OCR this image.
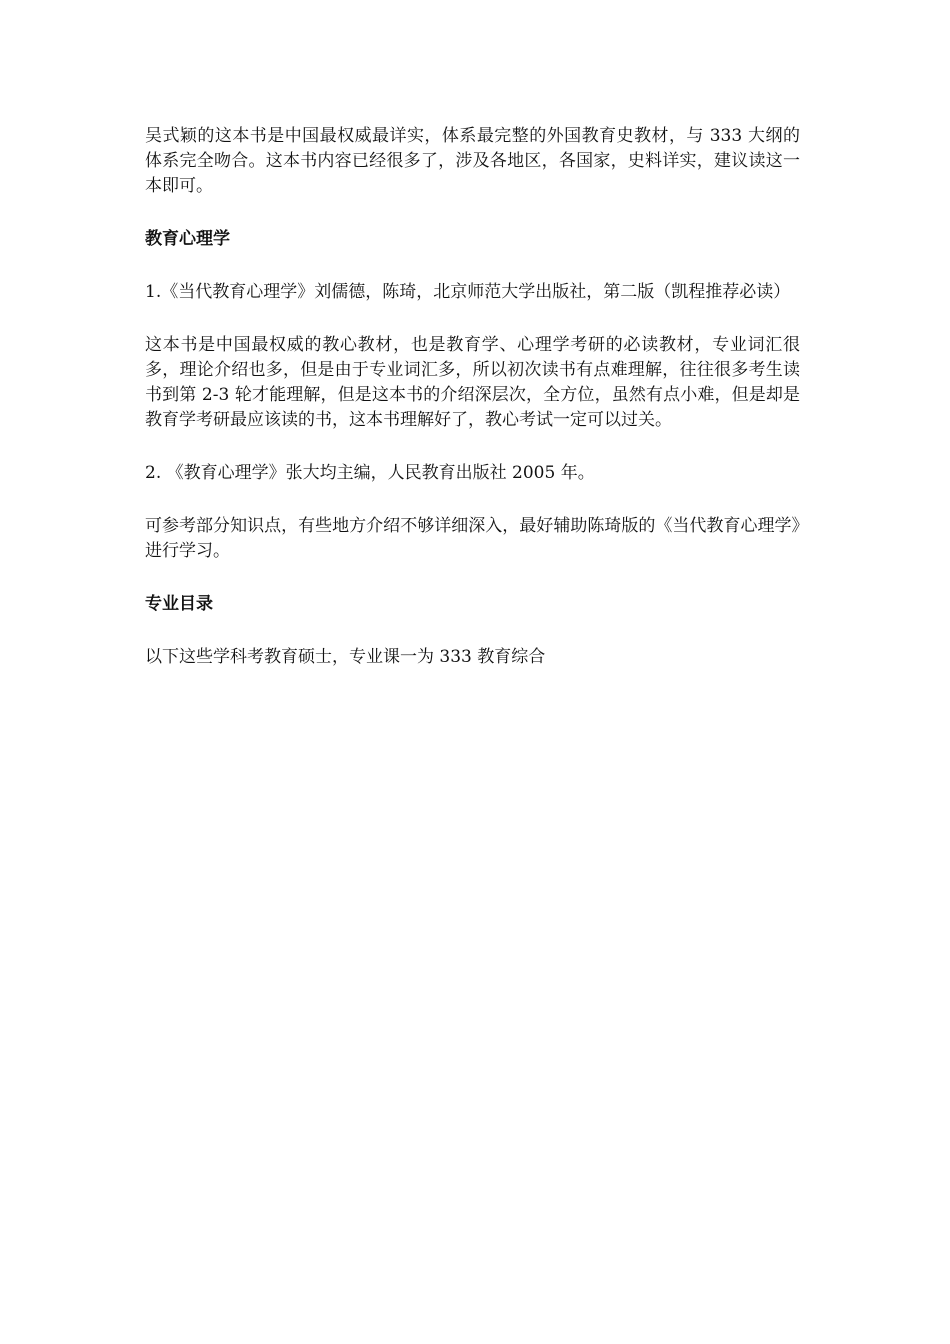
吴式颖的这本书是中国最权威最详实，体系最完整的外国教育史教材，与 333 大纲的体系完全吻合。这本书内容已经很多了，涉及各地区，各国家，史料详实，建议读这一本即可。

教育心理学

1.《当代教育心理学》刘儒德，陈琦，北京师范大学出版社，第二版（凯程推荐必读）

这本书是中国最权威的教心教材，也是教育学、心理学考研的必读教材，专业词汇很多，理论介绍也多，但是由于专业词汇多，所以初次读书有点难理解，往往很多考生读书到第 2-3 轮才能理解，但是这本书的介绍深层次，全方位，虽然有点小难，但是却是教育学考研最应该读的书，这本书理解好了，教心考试一定可以过关。

2. 《教育心理学》张大均主编，人民教育出版社 2005 年。

可参考部分知识点，有些地方介绍不够详细深入，最好辅助陈琦版的《当代教育心理学》进行学习。

专业目录

以下这些学科考教育硕士，专业课一为 333 教育综合
